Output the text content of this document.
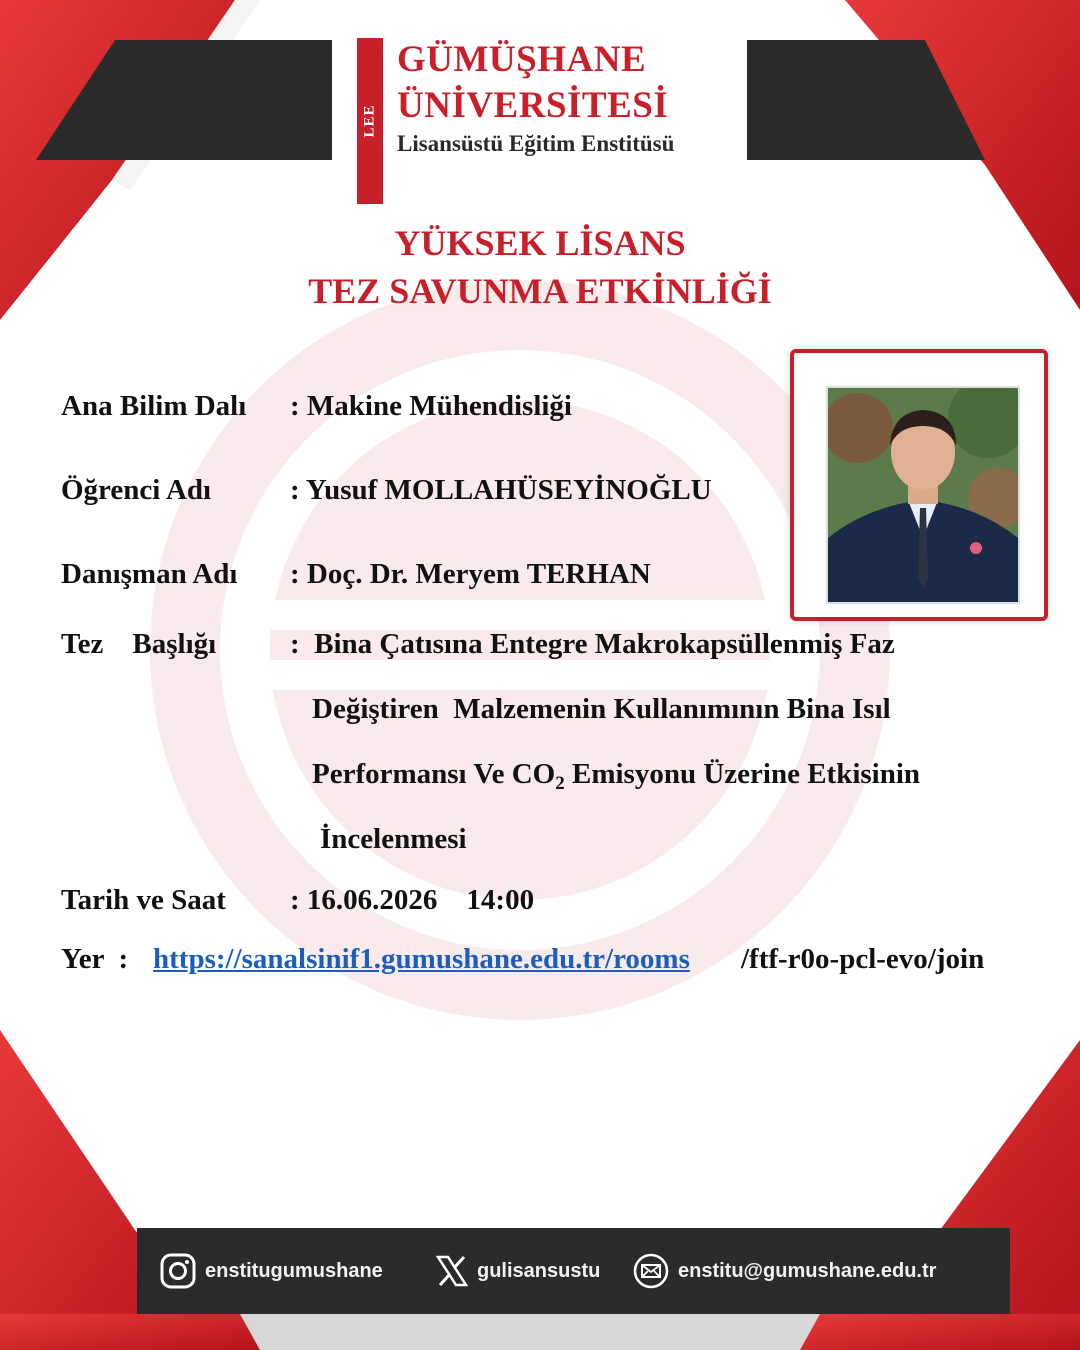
LEE
GÜMÜŞHANE
ÜNİVERSİTESİ
Lisansüstü Eğitim Enstitüsü
YÜKSEK LİSANS
TEZ SAVUNMA ETKİNLİĞİ
Ana Bilim Dalı : Makine Mühendisliği
Öğrenci Adı	: Yusuf MOLLAHÜSEYİNOĞLU
Danışman Adı : Doç. Dr. Meryem TERHAN
Tez    Başlığı	:  Bina Çatısına Entegre Makrokapsüllenmiş Faz
Değiştiren  Malzemenin Kullanımının Bina Isıl
Performansı Ve $CO_2$ Emisyonu Üzerine Etkisinin
İncelenmesi
Tarih ve Saat : 16.06.2026    14:00
Yer  : https://sanalsinif1.gumushane.edu.tr/rooms /ftf-r0o-pcl-evo/join
enstitugumushane	gulisansustu	enstitu@gumushane.edu.tr
